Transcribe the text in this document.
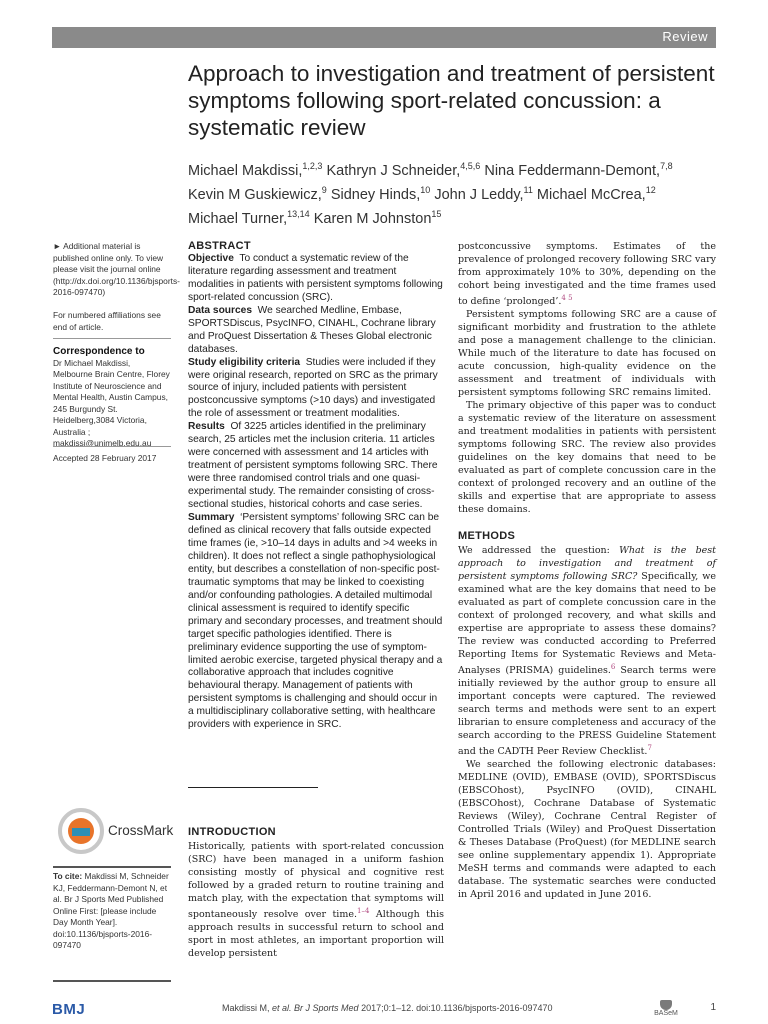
Review
Approach to investigation and treatment of persistent symptoms following sport-related concussion: a systematic review
Michael Makdissi,$^{1,2,3}$ Kathryn J Schneider,$^{4,5,6}$ Nina Feddermann-Demont,$^{7,8}$
Kevin M Guskiewicz,$^9$ Sidney Hinds,$^{10}$ John J Leddy,$^{11}$ Michael McCrea,$^{12}$
Michael Turner,$^{13,14}$ Karen M Johnston$^{15}$
► Additional material is published online only. To view please visit the journal online (http://dx.doi.org/10.1136/bjsports-2016-097470)
For numbered affiliations see end of article.
Correspondence to
Dr Michael Makdissi, Melbourne Brain Centre, Florey Institute of Neuroscience and Mental Health, Austin Campus, 245 Burgundy St. Heidelberg,3084 Victoria, Australia ; makdissi@unimelb.edu.au
Accepted 28 February 2017
ABSTRACT
Objective To conduct a systematic review of the literature regarding assessment and treatment modalities in patients with persistent symptoms following sport-related concussion (SRC).
Data sources We searched Medline, Embase, SPORTSDiscus, PsycINFO, CINAHL, Cochrane library and ProQuest Dissertation & Theses Global electronic databases.
Study eligibility criteria Studies were included if they were original research, reported on SRC as the primary source of injury, included patients with persistent postconcussive symptoms (>10 days) and investigated the role of assessment or treatment modalities.
Results Of 3225 articles identified in the preliminary search, 25 articles met the inclusion criteria. 11 articles were concerned with assessment and 14 articles with treatment of persistent symptoms following SRC. There were three randomised control trials and one quasi-experimental study. The remainder consisting of cross-sectional studies, historical cohorts and case series.
Summary ‘Persistent symptoms’ following SRC can be defined as clinical recovery that falls outside expected time frames (ie, >10–14 days in adults and >4 weeks in children). It does not reflect a single pathophysiological entity, but describes a constellation of non-specific post-traumatic symptoms that may be linked to coexisting and/or confounding pathologies. A detailed multimodal clinical assessment is required to identify specific primary and secondary processes, and treatment should target specific pathologies identified. There is preliminary evidence supporting the use of symptom-limited aerobic exercise, targeted physical therapy and a collaborative approach that includes cognitive behavioural therapy. Management of patients with persistent symptoms is challenging and should occur in a multidisciplinary collaborative setting, with healthcare providers with experience in SRC.
CrossMark
To cite: Makdissi M, Schneider KJ, Feddermann-Demont N, et al. Br J Sports Med Published Online First: [please include Day Month Year]. doi:10.1136/bjsports-2016-097470
INTRODUCTION
Historically, patients with sport-related concussion (SRC) have been managed in a uniform fashion consisting mostly of physical and cognitive rest followed by a graded return to routine training and match play, with the expectation that symptoms will spontaneously resolve over time.$^{1-4}$ Although this approach results in successful return to school and sport in most athletes, an important proportion will develop persistent

postconcussive symptoms. Estimates of the prevalence of prolonged recovery following SRC vary from approximately 10% to 30%, depending on the cohort being investigated and the time frames used to define ‘prolonged’.$^{4 5}$

Persistent symptoms following SRC are a cause of significant morbidity and frustration to the athlete and pose a management challenge to the clinician. While much of the literature to date has focused on acute concussion, high-quality evidence on the assessment and treatment of individuals with persistent symptoms following SRC remains limited.

The primary objective of this paper was to conduct a systematic review of the literature on assessment and treatment modalities in patients with persistent symptoms following SRC. The review also provides guidelines on the key domains that need to be evaluated as part of complete concussion care in the context of prolonged recovery and an outline of the skills and expertise that are appropriate to assess these domains.

METHODS

We addressed the question: What is the best approach to investigation and treatment of persistent symptoms following SRC? Specifically, we examined what are the key domains that need to be evaluated as part of complete concussion care in the context of prolonged recovery, and what skills and expertise are appropriate to assess these domains? The review was conducted according to Preferred Reporting Items for Systematic Reviews and Meta-Analyses (PRISMA) guidelines.$^6$ Search terms were initially reviewed by the author group to ensure all important concepts were captured. The reviewed search terms and methods were sent to an expert librarian to ensure completeness and accuracy of the search according to the PRESS Guideline Statement and the CADTH Peer Review Checklist.$^7$

We searched the following electronic databases: MEDLINE (OVID), EMBASE (OVID), SPORTSDiscus (EBSCOhost), PsycINFO (OVID), CINAHL (EBSCOhost), Cochrane Database of Systematic Reviews (Wiley), Cochrane Central Register of Controlled Trials (Wiley) and ProQuest Dissertation & Theses Database (ProQuest) (for MEDLINE search see online supplementary appendix 1). Appropriate MeSH terms and commands were adapted to each database. The systematic searches were conducted in April 2016 and updated in June 2016.

BMJ	Makdissi M, et al. Br J Sports Med 2017;0:1–12. doi:10.1136/bjsports-2016-097470
BASeM
1
